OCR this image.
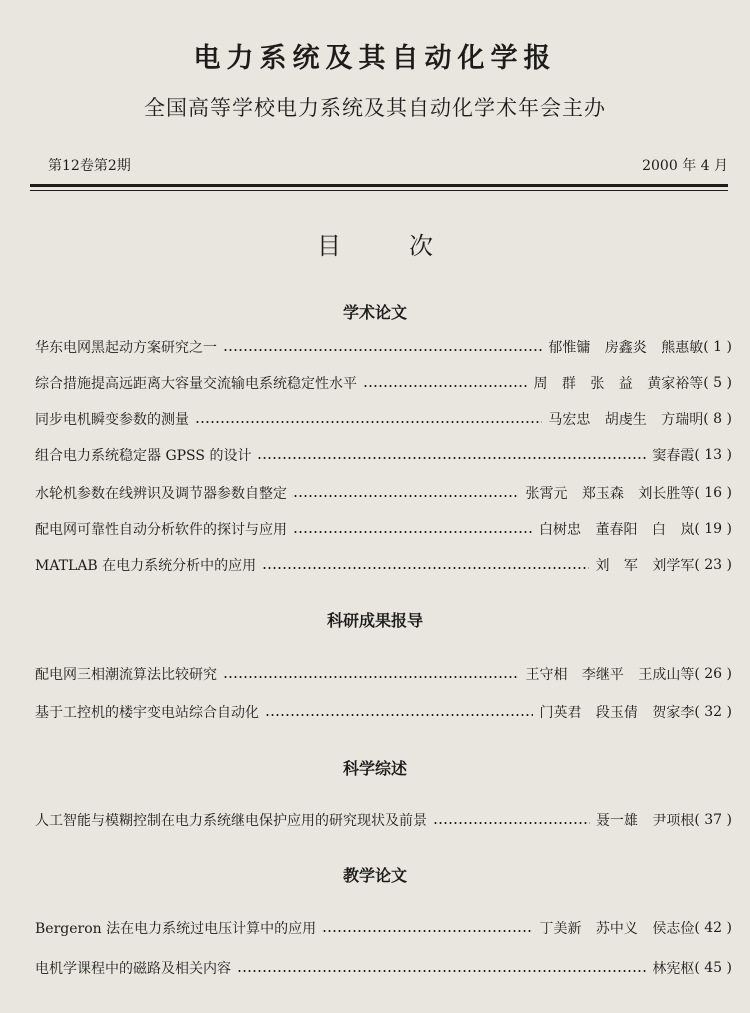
电力系统及其自动化学报
全国高等学校电力系统及其自动化学术年会主办
第12卷第2期	2000 年 4 月
目	次
学术论文
华东电网黑起动方案研究之一	郁惟镛 房鑫炎 熊惠敏 ( 1 )
综合措施提高远距离大容量交流输电系统稳定性水平	周 群 张 益 黄家裕等 ( 5 )
同步电机瞬变参数的测量	马宏忠 胡虔生 方瑞明 ( 8 )
组合电力系统稳定器 GPSS 的设计	窦春霞 ( 13 )
水轮机参数在线辨识及调节器参数自整定	张霄元 郑玉森 刘长胜等 ( 16 )
配电网可靠性自动分析软件的探讨与应用	白树忠 董春阳 白 岚 ( 19 )
MATLAB 在电力系统分析中的应用	刘 军 刘学军 ( 23 )
科研成果报导
配电网三相潮流算法比较研究	王守相 李继平 王成山等 ( 26 )
基于工控机的楼宇变电站综合自动化	门英君 段玉倩 贺家李 ( 32 )
科学综述
人工智能与模糊控制在电力系统继电保护应用的研究现状及前景	聂一雄 尹项根 ( 37 )
教学论文
Bergeron 法在电力系统过电压计算中的应用	丁美新 苏中义 侯志俭 ( 42 )
电机学课程中的磁路及相关内容	林宪枢 ( 45 )
